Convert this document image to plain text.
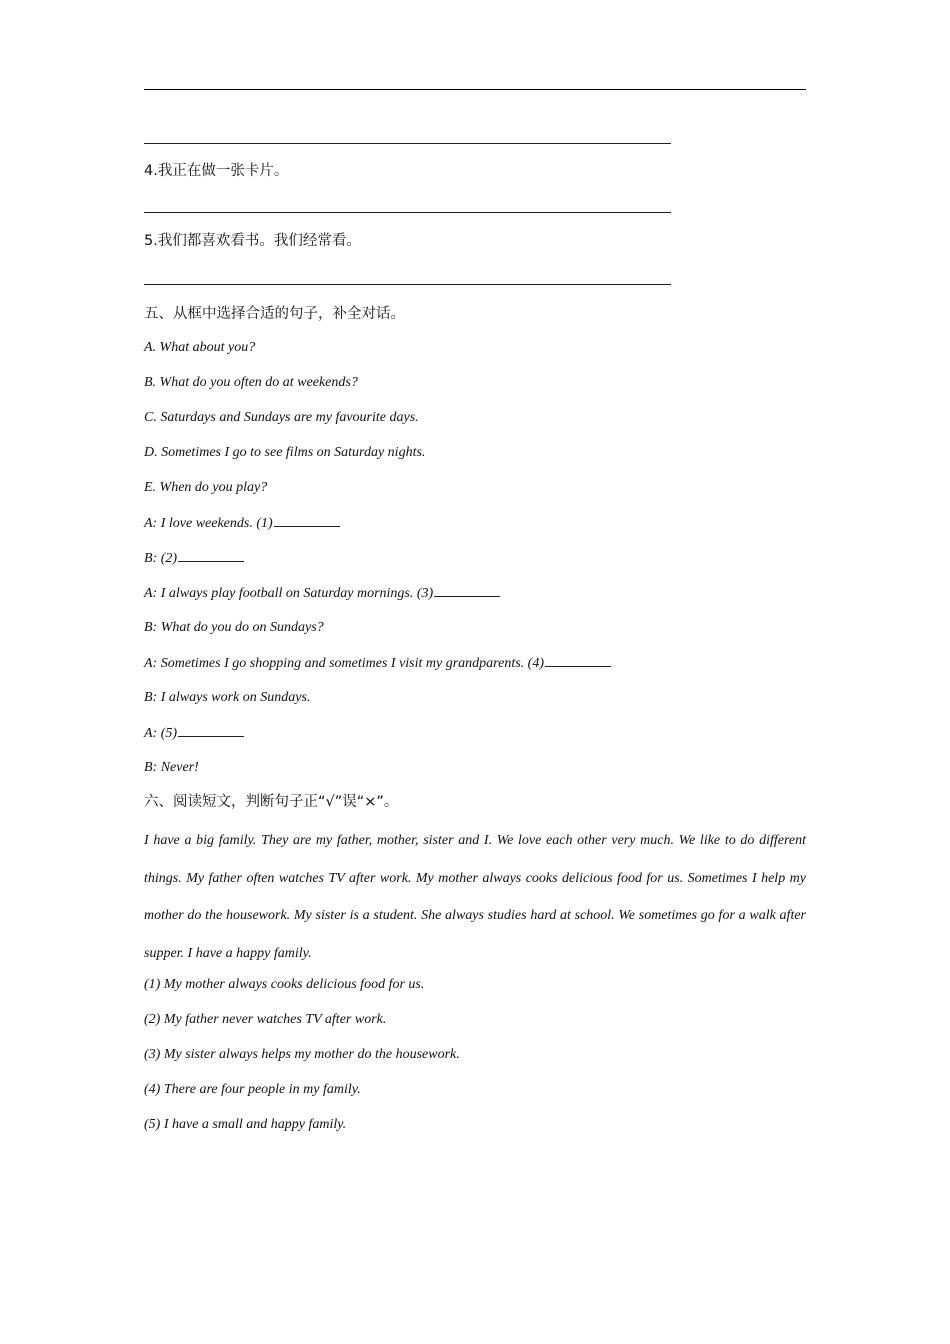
4.我正在做一张卡片。
5.我们都喜欢看书。我们经常看。
五、从框中选择合适的句子，补全对话。
A. What about you?
B. What do you often do at weekends?
C. Saturdays and Sundays are my favourite days.
D. Sometimes I go to see films on Saturday nights.
E. When do you play?
A: I love weekends. (1)
B: (2)
A: I always play football on Saturday mornings. (3)
B: What do you do on Sundays?
A: Sometimes I go shopping and sometimes I visit my grandparents. (4)
B: I always work on Sundays.
A: (5)
B: Never!
六、阅读短文，判断句子正“√”误“×”。
I have a big family. They are my father, mother, sister and I. We love each other very much. We like to do different things. My father often watches TV after work. My mother always cooks delicious food for us. Sometimes I help my mother do the housework. My sister is a student. She always studies hard at school. We sometimes go for a walk after supper. I have a happy family.
(1) My mother always cooks delicious food for us.
(2) My father never watches TV after work.
(3) My sister always helps my mother do the housework.
(4) There are four people in my family.
(5) I have a small and happy family.
